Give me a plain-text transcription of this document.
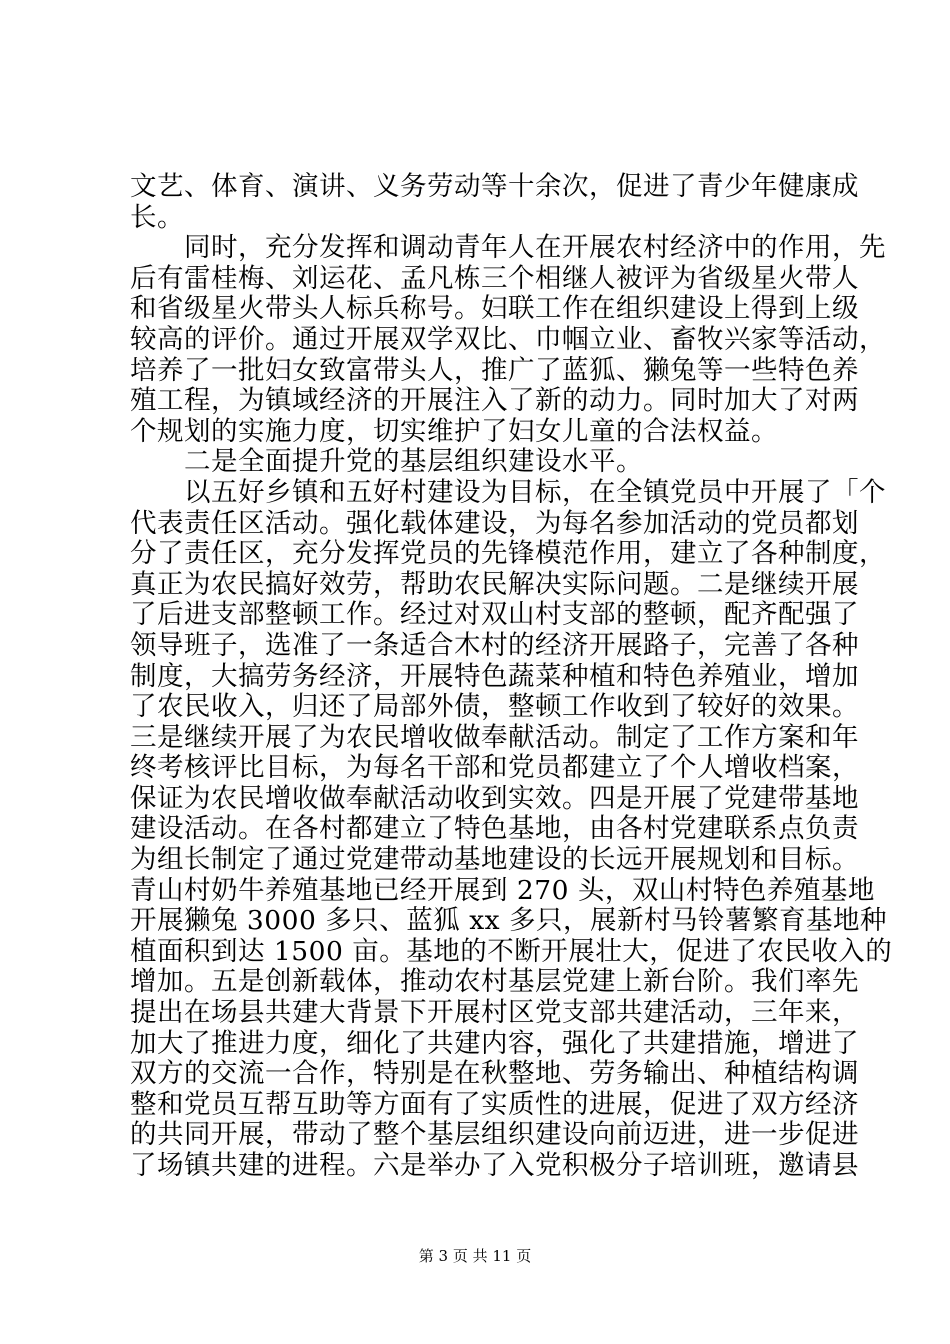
文艺、体育、演讲、义务劳动等十余次，促进了青少年健康成
长。
　　同时，充分发挥和调动青年人在开展农村经济中的作用，先
后有雷桂梅、刘运花、孟凡栋三个相继人被评为省级星火带人
和省级星火带头人标兵称号。妇联工作在组织建设上得到上级
较高的评价。通过开展双学双比、巾帼立业、畜牧兴家等活动，
培养了一批妇女致富带头人，推广了蓝狐、獭兔等一些特色养
殖工程，为镇域经济的开展注入了新的动力。同时加大了对两
个规划的实施力度，切实维护了妇女儿童的合法权益。
　　二是全面提升党的基层组织建设水平。
　　以五好乡镇和五好村建设为目标，在全镇党员中开展了「个
代表责任区活动。强化载体建设，为每名参加活动的党员都划
分了责任区，充分发挥党员的先锋模范作用，建立了各种制度，
真正为农民搞好效劳，帮助农民解决实际问题。二是继续开展
了后进支部整顿工作。经过对双山村支部的整顿，配齐配强了
领导班子，选准了一条适合木村的经济开展路子，完善了各种
制度，大搞劳务经济，开展特色蔬菜种植和特色养殖业，增加
了农民收入，归还了局部外债，整顿工作收到了较好的效果。
三是继续开展了为农民增收做奉献活动。制定了工作方案和年
终考核评比目标，为每名干部和党员都建立了个人增收档案，
保证为农民增收做奉献活动收到实效。四是开展了党建带基地
建设活动。在各村都建立了特色基地，由各村党建联系点负责
为组长制定了通过党建带动基地建设的长远开展规划和目标。
青山村奶牛养殖基地已经开展到 270 头，双山村特色养殖基地
开展獭兔 3000 多只、蓝狐 xx 多只，展新村马铃薯繁育基地种
植面积到达 1500 亩。基地的不断开展壮大，促进了农民收入的
增加。五是创新载体，推动农村基层党建上新台阶。我们率先
提出在场县共建大背景下开展村区党支部共建活动，三年来，
加大了推进力度，细化了共建内容，强化了共建措施，增进了
双方的交流一合作，特别是在秋整地、劳务输出、种植结构调
整和党员互帮互助等方面有了实质性的进展，促进了双方经济
的共同开展，带动了整个基层组织建设向前迈进，进一步促进
了场镇共建的进程。六是举办了入党积极分子培训班，邀请县
第 3 页 共 11 页
